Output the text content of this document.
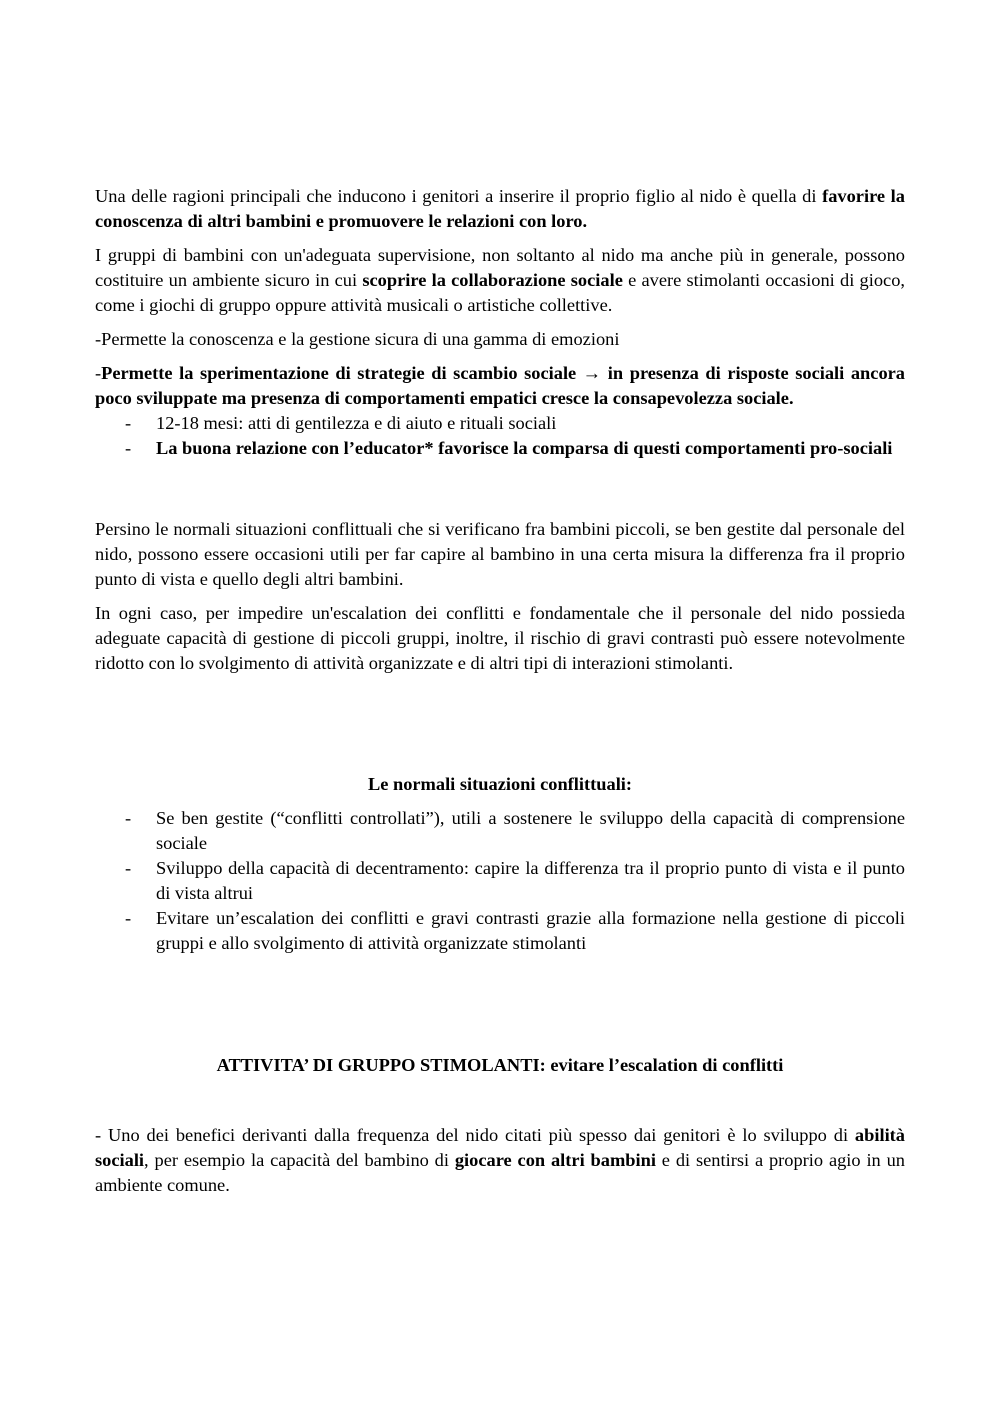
Una delle ragioni principali che inducono i genitori a inserire il proprio figlio al nido è quella di favorire la conoscenza di altri bambini e promuovere le relazioni con loro.

I gruppi di bambini con un'adeguata supervisione, non soltanto al nido ma anche più in generale, possono costituire un ambiente sicuro in cui scoprire la collaborazione sociale e avere stimolanti occasioni di gioco, come i giochi di gruppo oppure attività musicali o artistiche collettive.

-Permette la conoscenza e la gestione sicura di una gamma di emozioni

-Permette la sperimentazione di strategie di scambio sociale → in presenza di risposte sociali ancora poco sviluppate ma presenza di comportamenti empatici cresce la consapevolezza sociale.

- 12-18 mesi: atti di gentilezza e di aiuto e rituali sociali
- La buona relazione con l’educator* favorisce la comparsa di questi comportamenti pro-sociali

Persino le normali situazioni conflittuali che si verificano fra bambini piccoli, se ben gestite dal personale del nido, possono essere occasioni utili per far capire al bambino in una certa misura la differenza fra il proprio punto di vista e quello degli altri bambini.

In ogni caso, per impedire un'escalation dei conflitti e fondamentale che il personale del nido possieda adeguate capacità di gestione di piccoli gruppi, inoltre, il rischio di gravi contrasti può essere notevolmente ridotto con lo svolgimento di attività organizzate e di altri tipi di interazioni stimolanti.

Le normali situazioni conflittuali:
- Se ben gestite (“conflitti controllati”), utili a sostenere le sviluppo della capacità di comprensione sociale
- Sviluppo della capacità di decentramento: capire la differenza tra il proprio punto di vista e il punto di vista altrui
- Evitare un’escalation dei conflitti e gravi contrasti grazie alla formazione nella gestione di piccoli gruppi e allo svolgimento di attività organizzate stimolanti
ATTIVITA’ DI GRUPPO STIMOLANTI: evitare l’escalation di conflitti

- Uno dei benefici derivanti dalla frequenza del nido citati più spesso dai genitori è lo sviluppo di abilità sociali, per esempio la capacità del bambino di giocare con altri bambini e di sentirsi a proprio agio in un ambiente comune.
